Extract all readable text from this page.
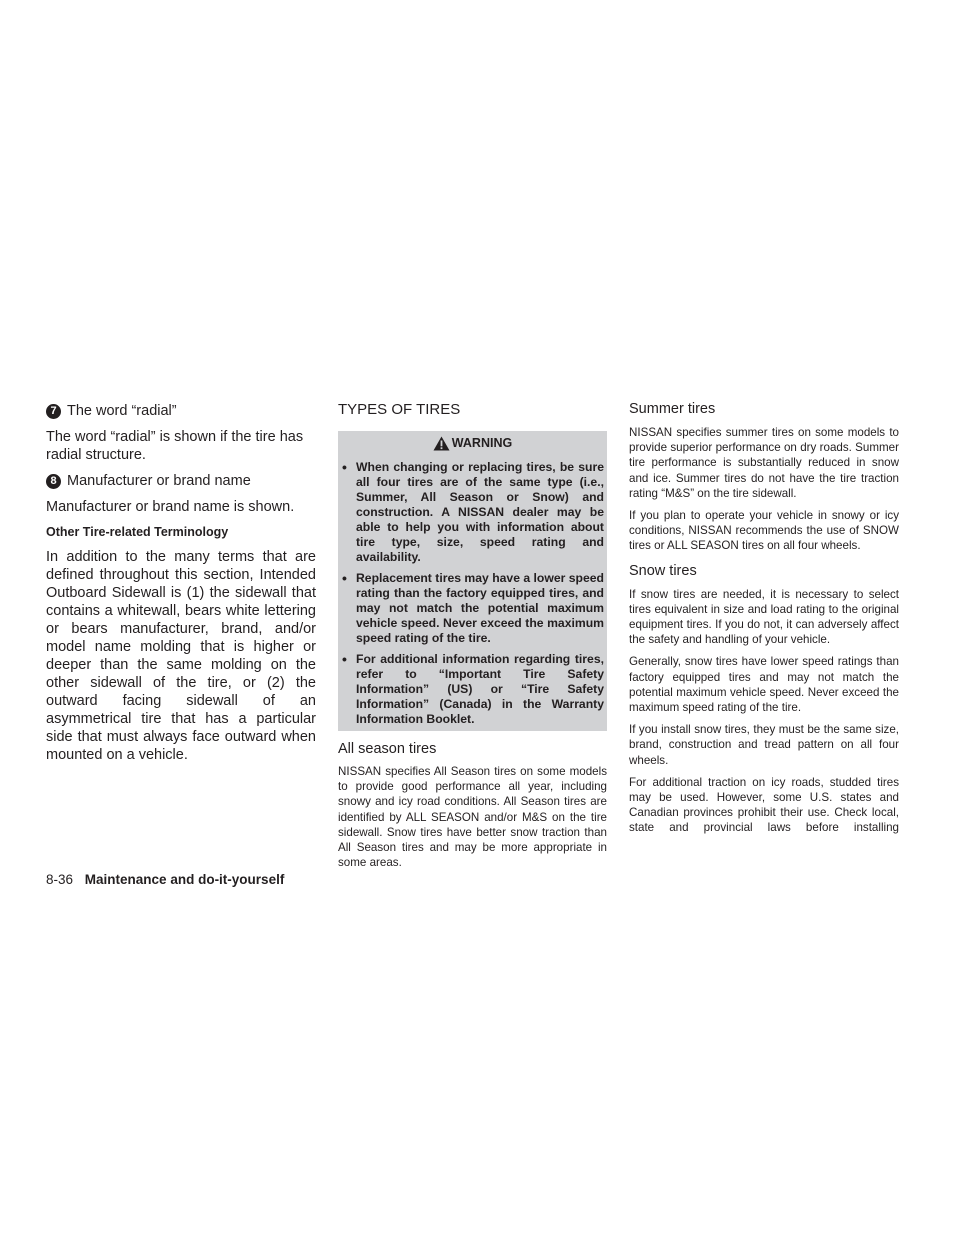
7 The word “radial”

The word “radial” is shown if the tire has radial structure.

8 Manufacturer or brand name

Manufacturer or brand name is shown.

Other Tire-related Terminology

In addition to the many terms that are defined throughout this section, Intended Outboard Sidewall is (1) the sidewall that contains a whitewall, bears white lettering or bears manufacturer, brand, and/or model name molding that is higher or deeper than the same molding on the other sidewall of the tire, or (2) the outward facing sidewall of an asymmetrical tire that has a particular side that must always face outward when mounted on a vehicle.

TYPES OF TIRES

WARNING
• When changing or replacing tires, be sure all four tires are of the same type (i.e., Summer, All Season or Snow) and construction. A NISSAN dealer may be able to help you with information about tire type, size, speed rating and availability.
• Replacement tires may have a lower speed rating than the factory equipped tires, and may not match the potential maximum vehicle speed. Never exceed the maximum speed rating of the tire.
• For additional information regarding tires, refer to “Important Tire Safety Information” (US) or “Tire Safety Information” (Canada) in the Warranty Information Booklet.

All season tires

NISSAN specifies All Season tires on some models to provide good performance all year, including snowy and icy road conditions. All Season tires are identified by ALL SEASON and/or M&S on the tire sidewall. Snow tires have better snow traction than All Season tires and may be more appropriate in some areas.

Summer tires

NISSAN specifies summer tires on some models to provide superior performance on dry roads. Summer tire performance is substantially reduced in snow and ice. Summer tires do not have the tire traction rating “M&S” on the tire sidewall.

If you plan to operate your vehicle in snowy or icy conditions, NISSAN recommends the use of SNOW tires or ALL SEASON tires on all four wheels.

Snow tires

If snow tires are needed, it is necessary to select tires equivalent in size and load rating to the original equipment tires. If you do not, it can adversely affect the safety and handling of your vehicle.

Generally, snow tires have lower speed ratings than factory equipped tires and may not match the potential maximum vehicle speed. Never exceed the maximum speed rating of the tire.

If you install snow tires, they must be the same size, brand, construction and tread pattern on all four wheels.

For additional traction on icy roads, studded tires may be used. However, some U.S. states and Canadian provinces prohibit their use. Check local, state and provincial laws before installing

8-36 Maintenance and do-it-yourself
